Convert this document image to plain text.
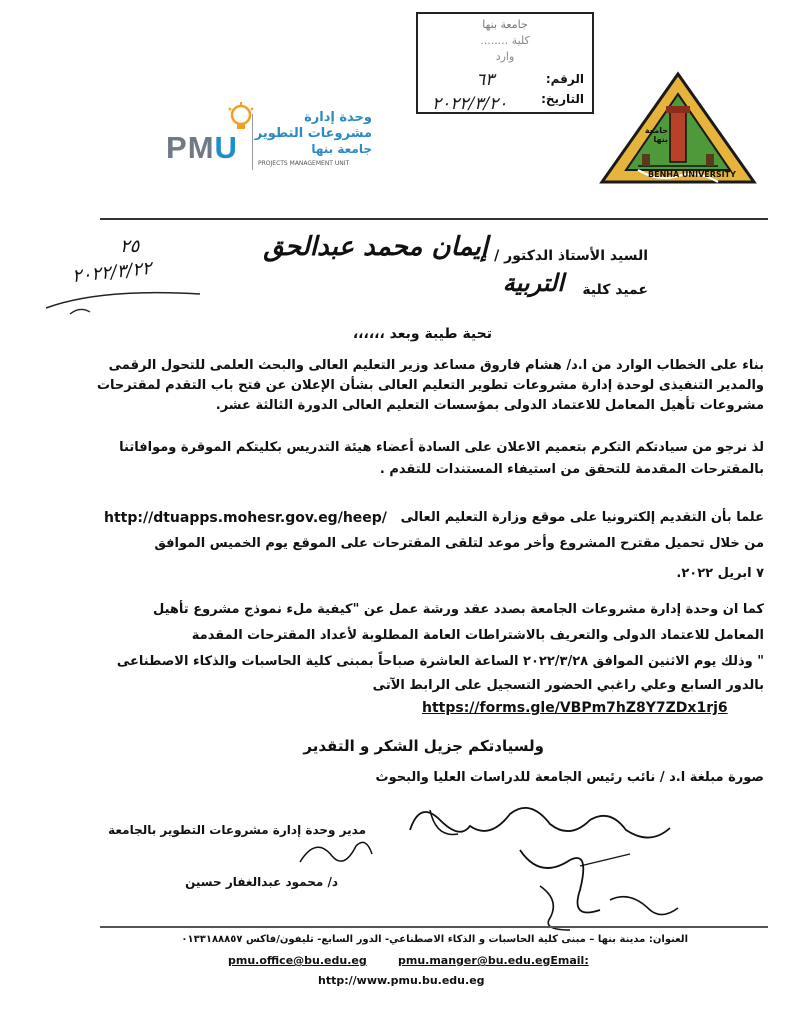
جامعة بنها
كلية ........
وارد
الرقم:
٦٣
التاريخ:
٢٠٢٢/٣/٢٠
PMU
وحدة إدارة
مشروعات التطوير
جامعة بنها
PROJECTS MANAGEMENT UNIT
BENHA UNIVERSITY
جامعة بنها
السيد الأستاذ الدكتور /
إيمان محمد عبدالحق
عميد كلية
التربية
٢٥
٢٠٢٢/٣/٢٢
تحية طيبة وبعد ،،،،،،
بناء على الخطاب الوارد من ا.د/ هشام فاروق مساعد وزير التعليم العالى والبحث العلمى للتحول الرقمى
والمدير التنفيذى لوحدة إدارة مشروعات تطوير التعليم العالى بشأن الإعلان عن فتح باب التقدم لمقترحات
مشروعات تأهيل المعامل للاعتماد الدولى بمؤسسات التعليم العالى الدورة الثالثة عشر.
لذ نرجو من سيادتكم التكرم بتعميم الاعلان على السادة أعضاء هيئة التدريس بكليتكم الموقرة وموافاتنا
بالمقترحات المقدمة للتحقق من استيفاء المستندات للتقدم .
علما بأن التقديم إلكترونيا على موقع وزارة التعليم العالى
http://dtuapps.mohesr.gov.eg/heep/
من خلال تحميل مقترح المشروع وأخر موعد لتلقى المقترحات على الموقع يوم الخميس الموافق
٧ ابريل ٢٠٢٢.
كما ان وحدة إدارة مشروعات الجامعة بصدد عقد ورشة عمل عن "كيفية ملء نموذج مشروع تأهيل
المعامل للاعتماد الدولى والتعريف بالاشتراطات العامة المطلوبة لأعداد المقترحات المقدمة
" وذلك يوم الاثنين الموافق ٢٠٢٢/٣/٢٨ الساعة العاشرة صباحاً بمبنى كلية الحاسبات والذكاء الاصطناعى
بالدور السابع وعلي راغبي الحضور التسجيل على الرابط الآتى
https://forms.gle/VBPm7hZ8Y7ZDx1rj6
ولسيادتكم جزيل الشكر و التقدير
صورة مبلغة ا.د / نائب رئيس الجامعة للدراسات العليا والبحوث
مدير وحدة إدارة مشروعات التطوير بالجامعة
د/ محمود عبدالغفار حسين
العنوان: مدينة بنها – مبنى كلية الحاسبات و الذكاء الاصطناعي- الدور السابع- تليفون/فاكس ٠١٣٣١٨٨٨٥٧
pmu.office@bu.edu.eg	pmu.manger@bu.edu.egEmail:
http://www.pmu.bu.edu.eg
